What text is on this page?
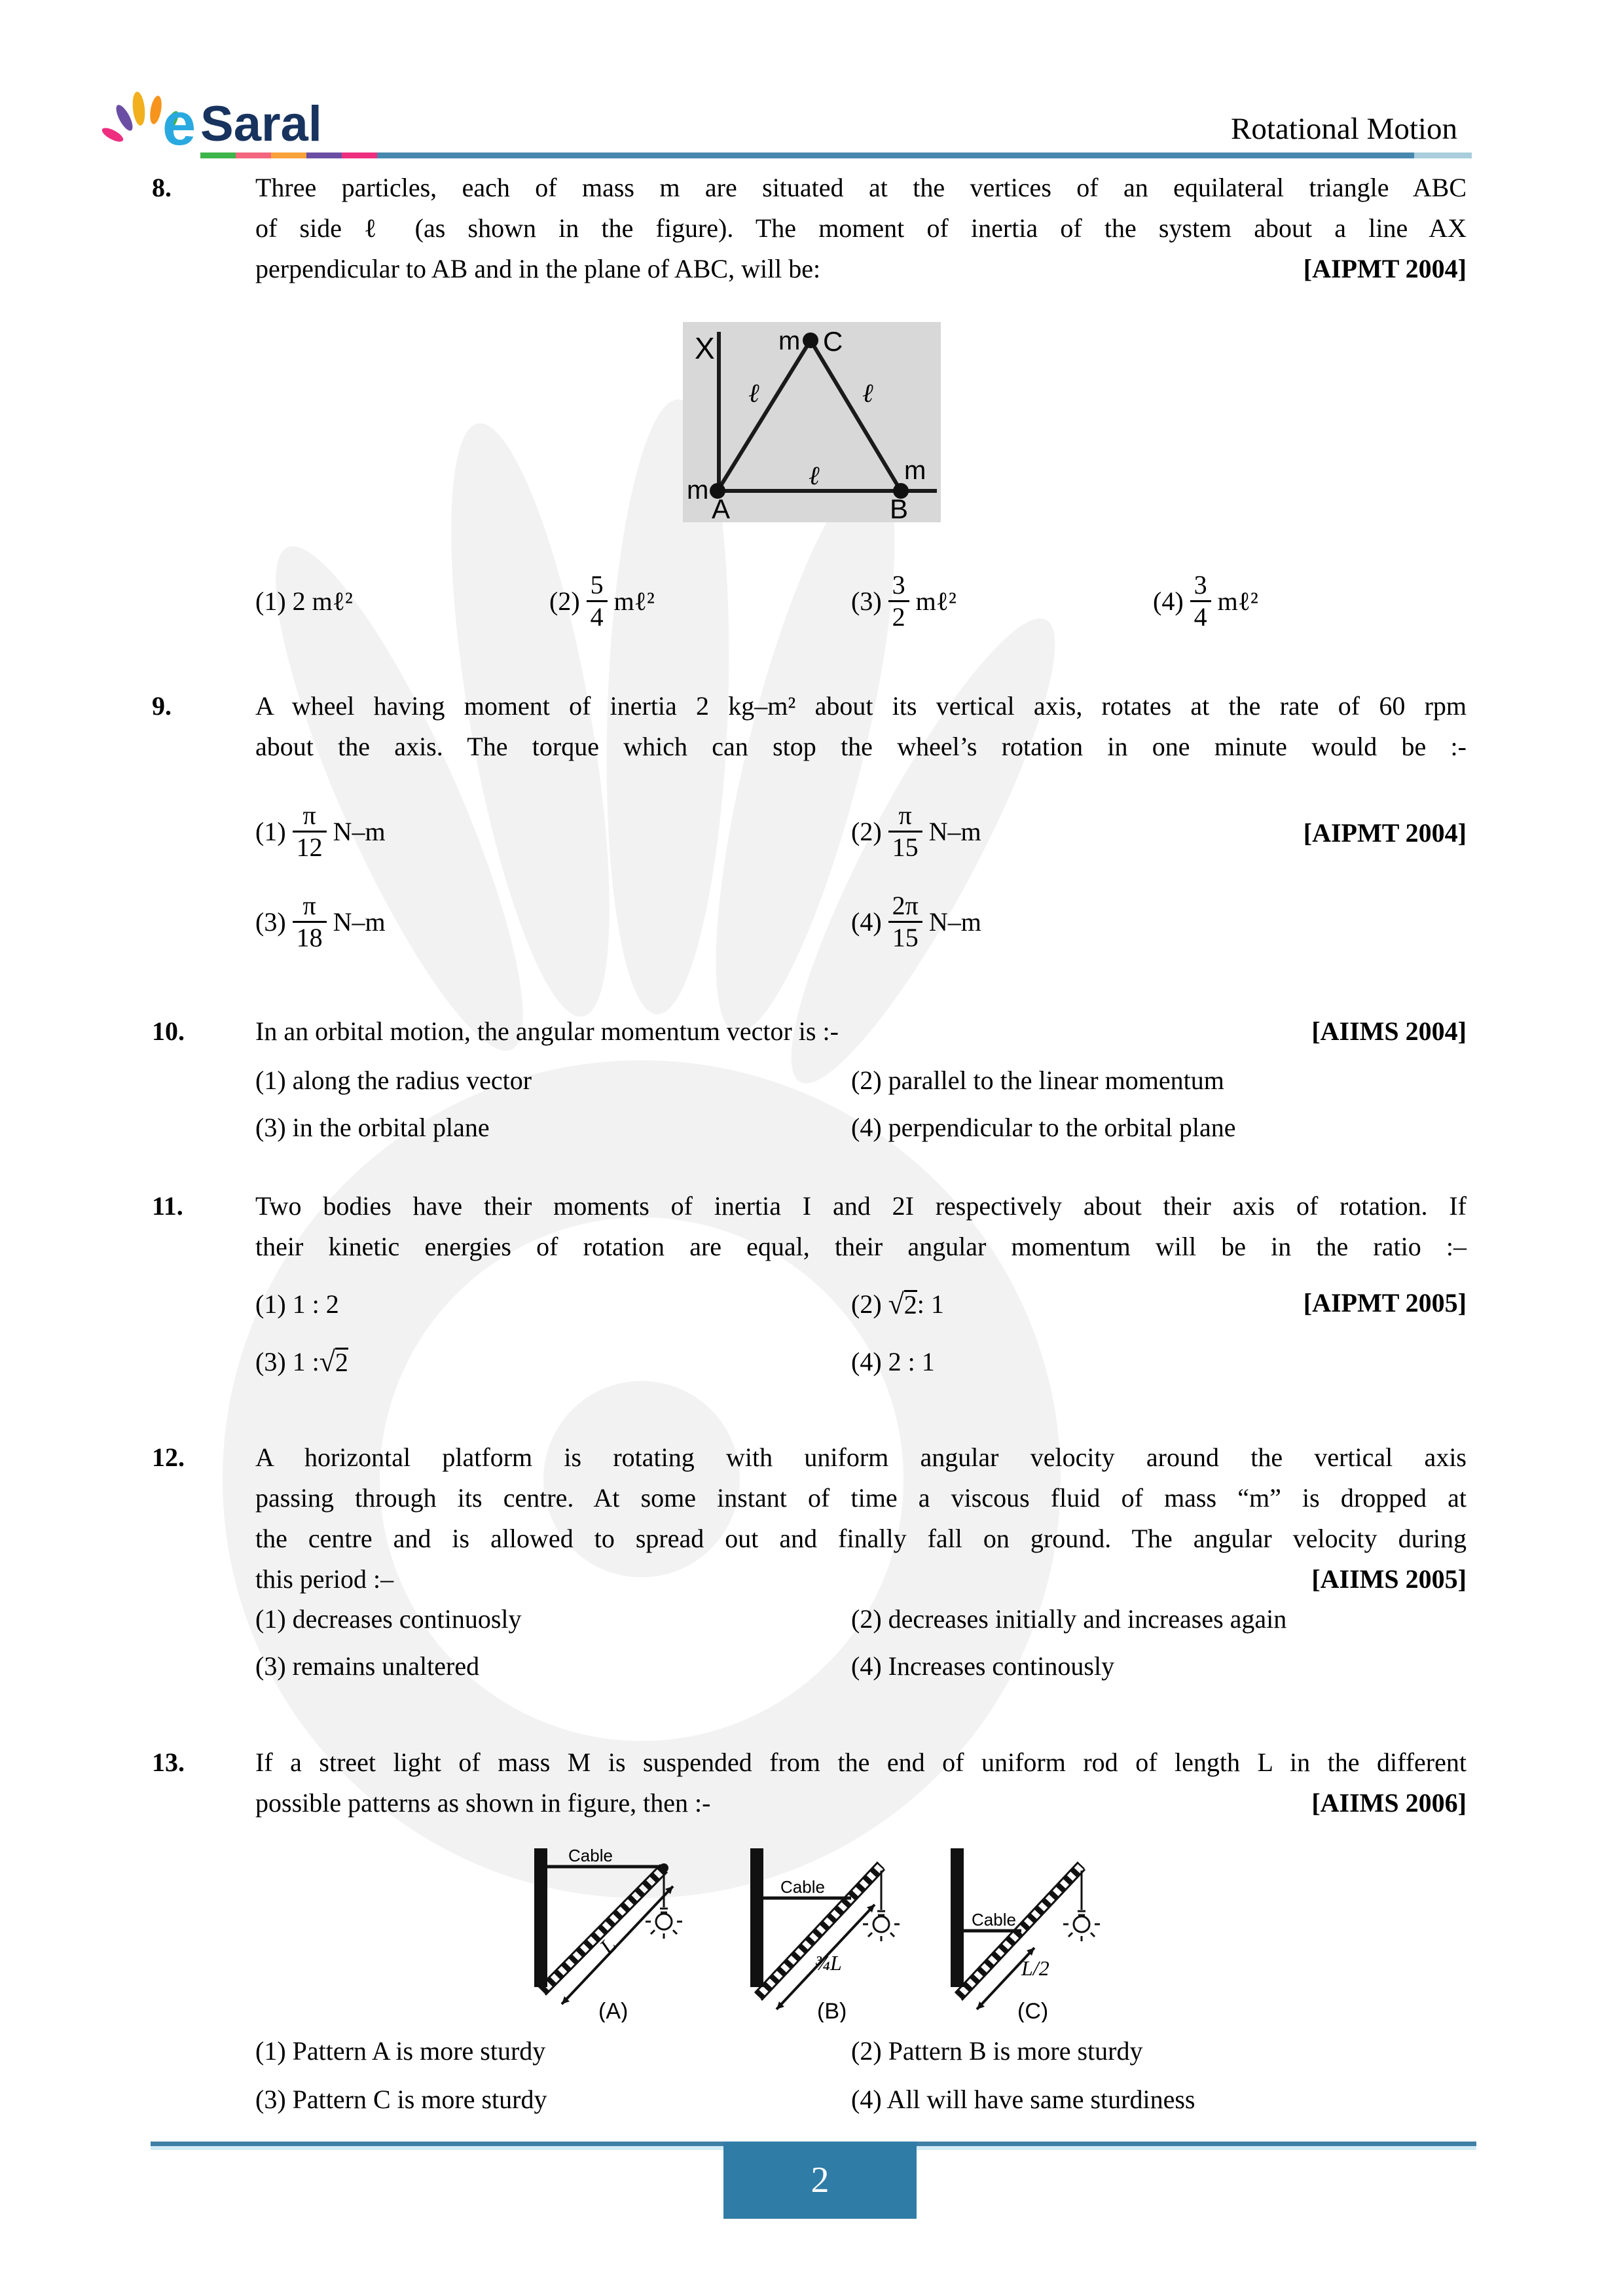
e Saral	Rotational Motion
8.	Three particles, each of mass m are situated at the vertices of an equilateral triangle ABC
of side ℓ (as shown in the figure). The moment of inertia of the system about a line AX
perpendicular to AB and in the plane of ABC, will be:	[AIPMT 2004]
X m C
ℓ	ℓ
ℓ
m
m
A	B
(1)
2 mℓ²	$(2) \frac{5}{4}$ mℓ²	$(3) \frac{3}{2}$ mℓ²	$(4) \frac{3}{4}$ mℓ²
9.	A wheel having moment of inertia 2 kg–m² about its vertical axis, rotates at the rate of 60 rpm
about the axis. The torque which can stop the wheel’s rotation in one minute would be :-
$(1) \frac{\pi}{12} N-m$	$(2) \frac{\pi}{15} N-m$	[AIPMT 2004]
$(3) \frac{\pi}{18} N-m$	$(4) \frac{2\pi}{15} N-m$
10.	In an orbital motion, the angular momentum vector is :-	[AIIMS 2004]
(1) along the radius vector	(2) parallel to the linear momentum
(3) in the orbital plane	(4) perpendicular to the orbital plane
11.	Two bodies have their moments of inertia I and 2I respectively about their axis of rotation. If
their kinetic energies of rotation are equal, their angular momentum will be in the ratio :–
(1) 1 : 2	(2)
√ 2 : 1	[AIPMT 2005]
(3)
1 : √ 2	(4) 2 : 1
12.	A horizontal platform is rotating with uniform angular velocity around the vertical axis
passing through its centre. At some instant of time a viscous fluid of mass “m” is dropped at
the centre and is allowed to spread out and finally fall on ground. The angular velocity during
this period :–	[AIIMS 2005]
(1) decreases continuosly	(2) decreases initially and increases again
(3) remains unaltered	(4) Increases continously
13.	If a street light of mass M is suspended from the end of uniform rod of length L in the different
possible patterns as shown in figure, then :-	[AIIMS 2006]
Cable
L
(A)
Cable
¾L
(B)
Cable
L/2
(C)
(1) Pattern A is more sturdy	(2) Pattern B is more sturdy
(3) Pattern C is more sturdy	(4) All will have same sturdiness
2
